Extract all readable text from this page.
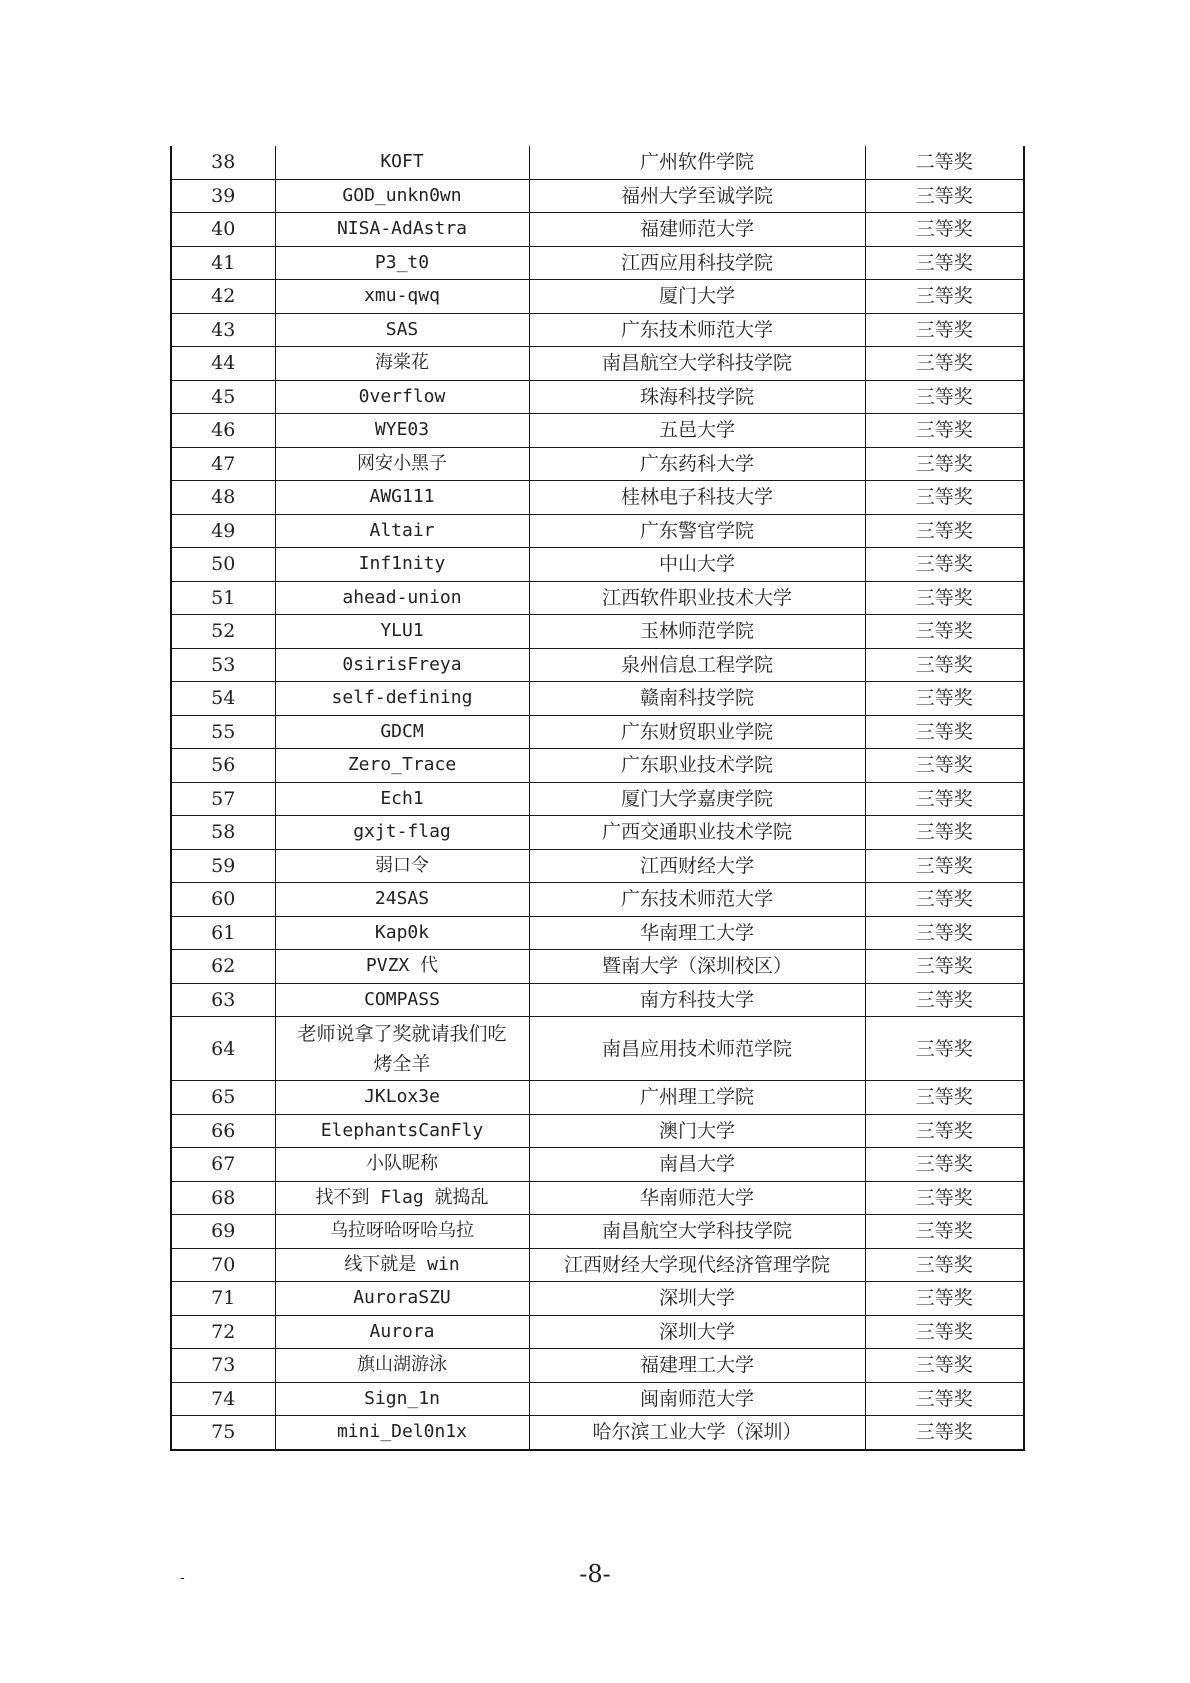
38	KOFT	广州软件学院	二等奖
39	GOD_unkn0wn	福州大学至诚学院	三等奖
40	NISA-AdAstra	福建师范大学	三等奖
41	P3_t0	江西应用科技学院	三等奖
42	xmu-qwq	厦门大学	三等奖
43	SAS	广东技术师范大学	三等奖
44	海棠花	南昌航空大学科技学院	三等奖
45	0verflow	珠海科技学院	三等奖
46	WYE03	五邑大学	三等奖
47	网安小黑子	广东药科大学	三等奖
48	AWG111	桂林电子科技大学	三等奖
49	Altair	广东警官学院	三等奖
50	Inf1nity	中山大学	三等奖
51	ahead-union	江西软件职业技术大学	三等奖
52	YLU1	玉林师范学院	三等奖
53	0sirisFreya	泉州信息工程学院	三等奖
54	self-defining	赣南科技学院	三等奖
55	GDCM	广东财贸职业学院	三等奖
56	Zero_Trace	广东职业技术学院	三等奖
57	Ech1	厦门大学嘉庚学院	三等奖
58	gxjt-flag	广西交通职业技术学院	三等奖
59	弱口令	江西财经大学	三等奖
60	24SAS	广东技术师范大学	三等奖
61	Kap0k	华南理工大学	三等奖
62	PVZX 代	暨南大学（深圳校区）	三等奖
63	COMPASS	南方科技大学	三等奖
64	老师说拿了奖就请我们吃
烤全羊	南昌应用技术师范学院	三等奖
65	JKLox3e	广州理工学院	三等奖
66	ElephantsCanFly	澳门大学	三等奖
67	小队昵称	南昌大学	三等奖
68	找不到 Flag 就捣乱	华南师范大学	三等奖
69	乌拉呀哈呀哈乌拉	南昌航空大学科技学院	三等奖
70	线下就是 win	江西财经大学现代经济管理学院	三等奖
71	AuroraSZU	深圳大学	三等奖
72	Aurora	深圳大学	三等奖
73	旗山湖游泳	福建理工大学	三等奖
74	Sign_1n	闽南师范大学	三等奖
75	mini_Del0n1x	哈尔滨工业大学（深圳）	三等奖
-8-
-
